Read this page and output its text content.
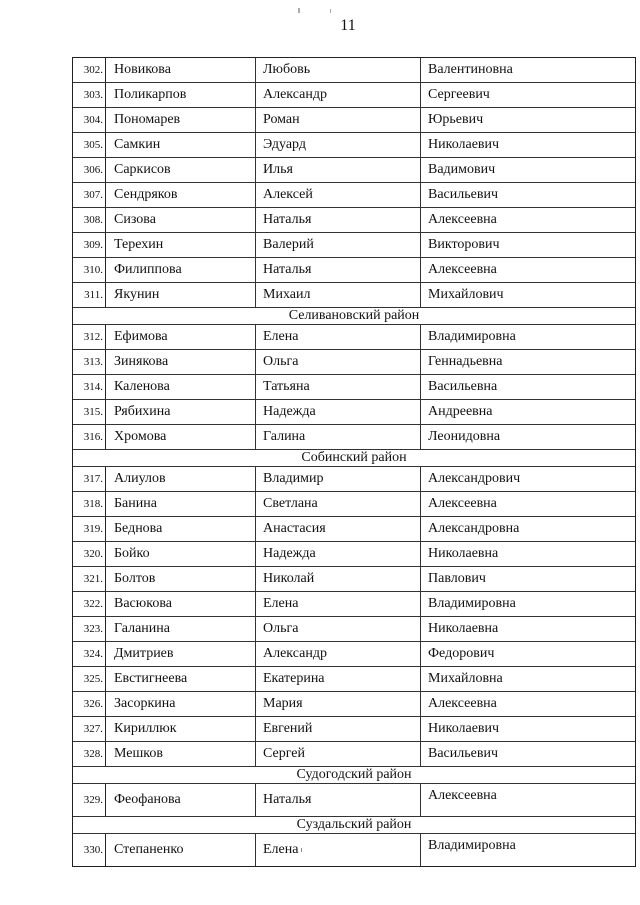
11
302. Новикова	Любовь	Валентиновна
303. Поликарпов	Александр	Сергеевич
304. Пономарев	Роман	Юрьевич
305. Самкин	Эдуард	Николаевич
306. Саркисов	Илья	Вадимович
307. Сендряков	Алексей	Васильевич
308. Сизова	Наталья	Алексеевна
309. Терехин	Валерий	Викторович
310. Филиппова	Наталья	Алексеевна
311. Якунин	Михаил	Михайлович
Селивановский район
312. Ефимова	Елена	Владимировна
313. Зинякова	Ольга	Геннадьевна
314. Каленова	Татьяна	Васильевна
315. Рябихина	Надежда	Андреевна
316. Хромова	Галина	Леонидовна
Собинский район
317. Алиулов	Владимир	Александрович
318. Банина	Светлана	Алексеевна
319. Беднова	Анастасия	Александровна
320. Бойко	Надежда	Николаевна
321. Болтов	Николай	Павлович
322. Васюкова	Елена	Владимировна
323. Галанина	Ольга	Николаевна
324. Дмитриев	Александр	Федорович
325. Евстигнеева	Екатерина	Михайловна
326. Засоркина	Мария	Алексеевна
327. Кириллюк	Евгений	Николаевич
328. Мешков	Сергей	Васильевич
Судогодский район
329. Феофанова	Наталья	Алексеевна
Суздальский район
330. Степаненко	Елена	Владимировна
